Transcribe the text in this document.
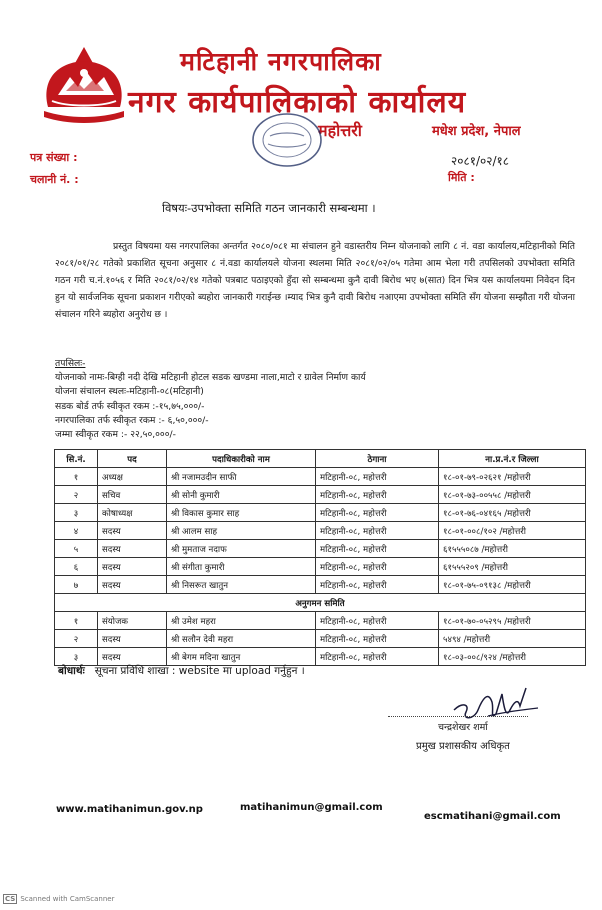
मटिहानी नगरपालिका
नगर कार्यपालिकाको कार्यालय
महोत्तरी	मधेश प्रदेश, नेपाल
पत्र संख्या :
चलानी नं. :
२०८१/०२/१८
मिति :
विषयः-उपभोक्ता समिति गठन जानकारी सम्बन्धमा ।
प्रस्तुत विषयमा यस नगरपालिका अन्तर्गत २०८०/०८१ मा संचालन हुने वडास्तरीय निम्न योजनाको लागि ८ नं. वडा कार्यालय,मटिहानीको मिति २०८१/०१/२८ गतेको प्रकाशित सूचना अनुसार ८ नं.वडा कार्यालयले योजना स्थलमा मिति २०८१/०२/०५ गतेमा आम भेला गरी तपसिलको उपभोक्ता समिति गठन गरी च.नं.१०५६ र मिति २०८१/०२/१४ गतेको पत्रबाट पठाइएको हुँदा सो सम्बन्धमा कुनै दावी बिरोध भए ७(सात) दिन भित्र यस कार्यालयमा निवेदन दिन हुन यो सार्वजनिक सूचना प्रकाशन गरीएको ब्यहोरा जानकारी गराईन्छ ।म्याद भित्र कुनै दावी बिरोध नआएमा उपभोक्ता समिति सँग योजना सम्झौता गरी योजना संचालन गरिने ब्यहोरा अनुरोध छ ।
तपसिलः-
योजनाको नामः-बिग्ही नदी देखि मटिहानी होटल सडक खण्डमा नाला,माटो र ग्रावेल निर्माण कार्य
योजना संचालन स्थलः-मटिहानी-०८(मटिहानी)
सडक बोर्ड तर्फ स्वीकृत रकम :-१५,७५,०००/-
नगरपालिका तर्फ स्वीकृत रकम :- ६,५०,०००/-
जम्मा स्वीकृत रकम :- २२,५०,०००/-
सि.नं.	पद	पदाधिकारीको नाम	ठेगाना	ना.प्र.नं.र जिल्ला
१	अध्यक्ष	श्री नजामउदीन साफी	मटिहानी-०८, महोत्तरी	१८-०१-७९-०२६२१ /महोत्तरी
२	सचिव	श्री सोनी कुमारी	मटिहानी-०८, महोत्तरी	१८-०१-७३-००५५८ /महोत्तरी
३	कोषाध्यक्ष	श्री विकास कुमार साह	मटिहानी-०८, महोत्तरी	१८-०१-७६-०४१६५ /महोत्तरी
४	सदस्य	श्री आलम साह	मटिहानी-०८, महोत्तरी	१८-०१-००८/१०२ /महोत्तरी
५	सदस्य	श्री मुमताज नदाफ	मटिहानी-०८, महोत्तरी	६१५५५०८७ /महोत्तरी
६	सदस्य	श्री संगीता कुमारी	मटिहानी-०८, महोत्तरी	६१५५५२०९ /महोत्तरी
७	सदस्य	श्री निसरूत खातुन	मटिहानी-०८, महोत्तरी	१८-०१-७५-०९१३८ /महोत्तरी
अनुगमन समिति				
१	संयोजक	श्री उमेश महरा	मटिहानी-०८, महोत्तरी	१८-०१-७०-०५२९५ /महोत्तरी
२	सदस्य	श्री सलौन देवी महरा	मटिहानी-०८, महोत्तरी	५४९४ /महोत्तरी
३	सदस्य	श्री बेगम मदिना खातुन	मटिहानी-०८, महोत्तरी	१८-०३-००८/९२४ /महोत्तरी
बोधार्थः सूचना प्रविधि शाखा : website मा upload गर्नुहुन ।
चन्द्रशेखर शर्मा
प्रमुख प्रशासकीय अधिकृत
www.matihanimun.gov.np	matihanimun@gmail.com
escmatihani@gmail.com
CS Scanned with CamScanner
